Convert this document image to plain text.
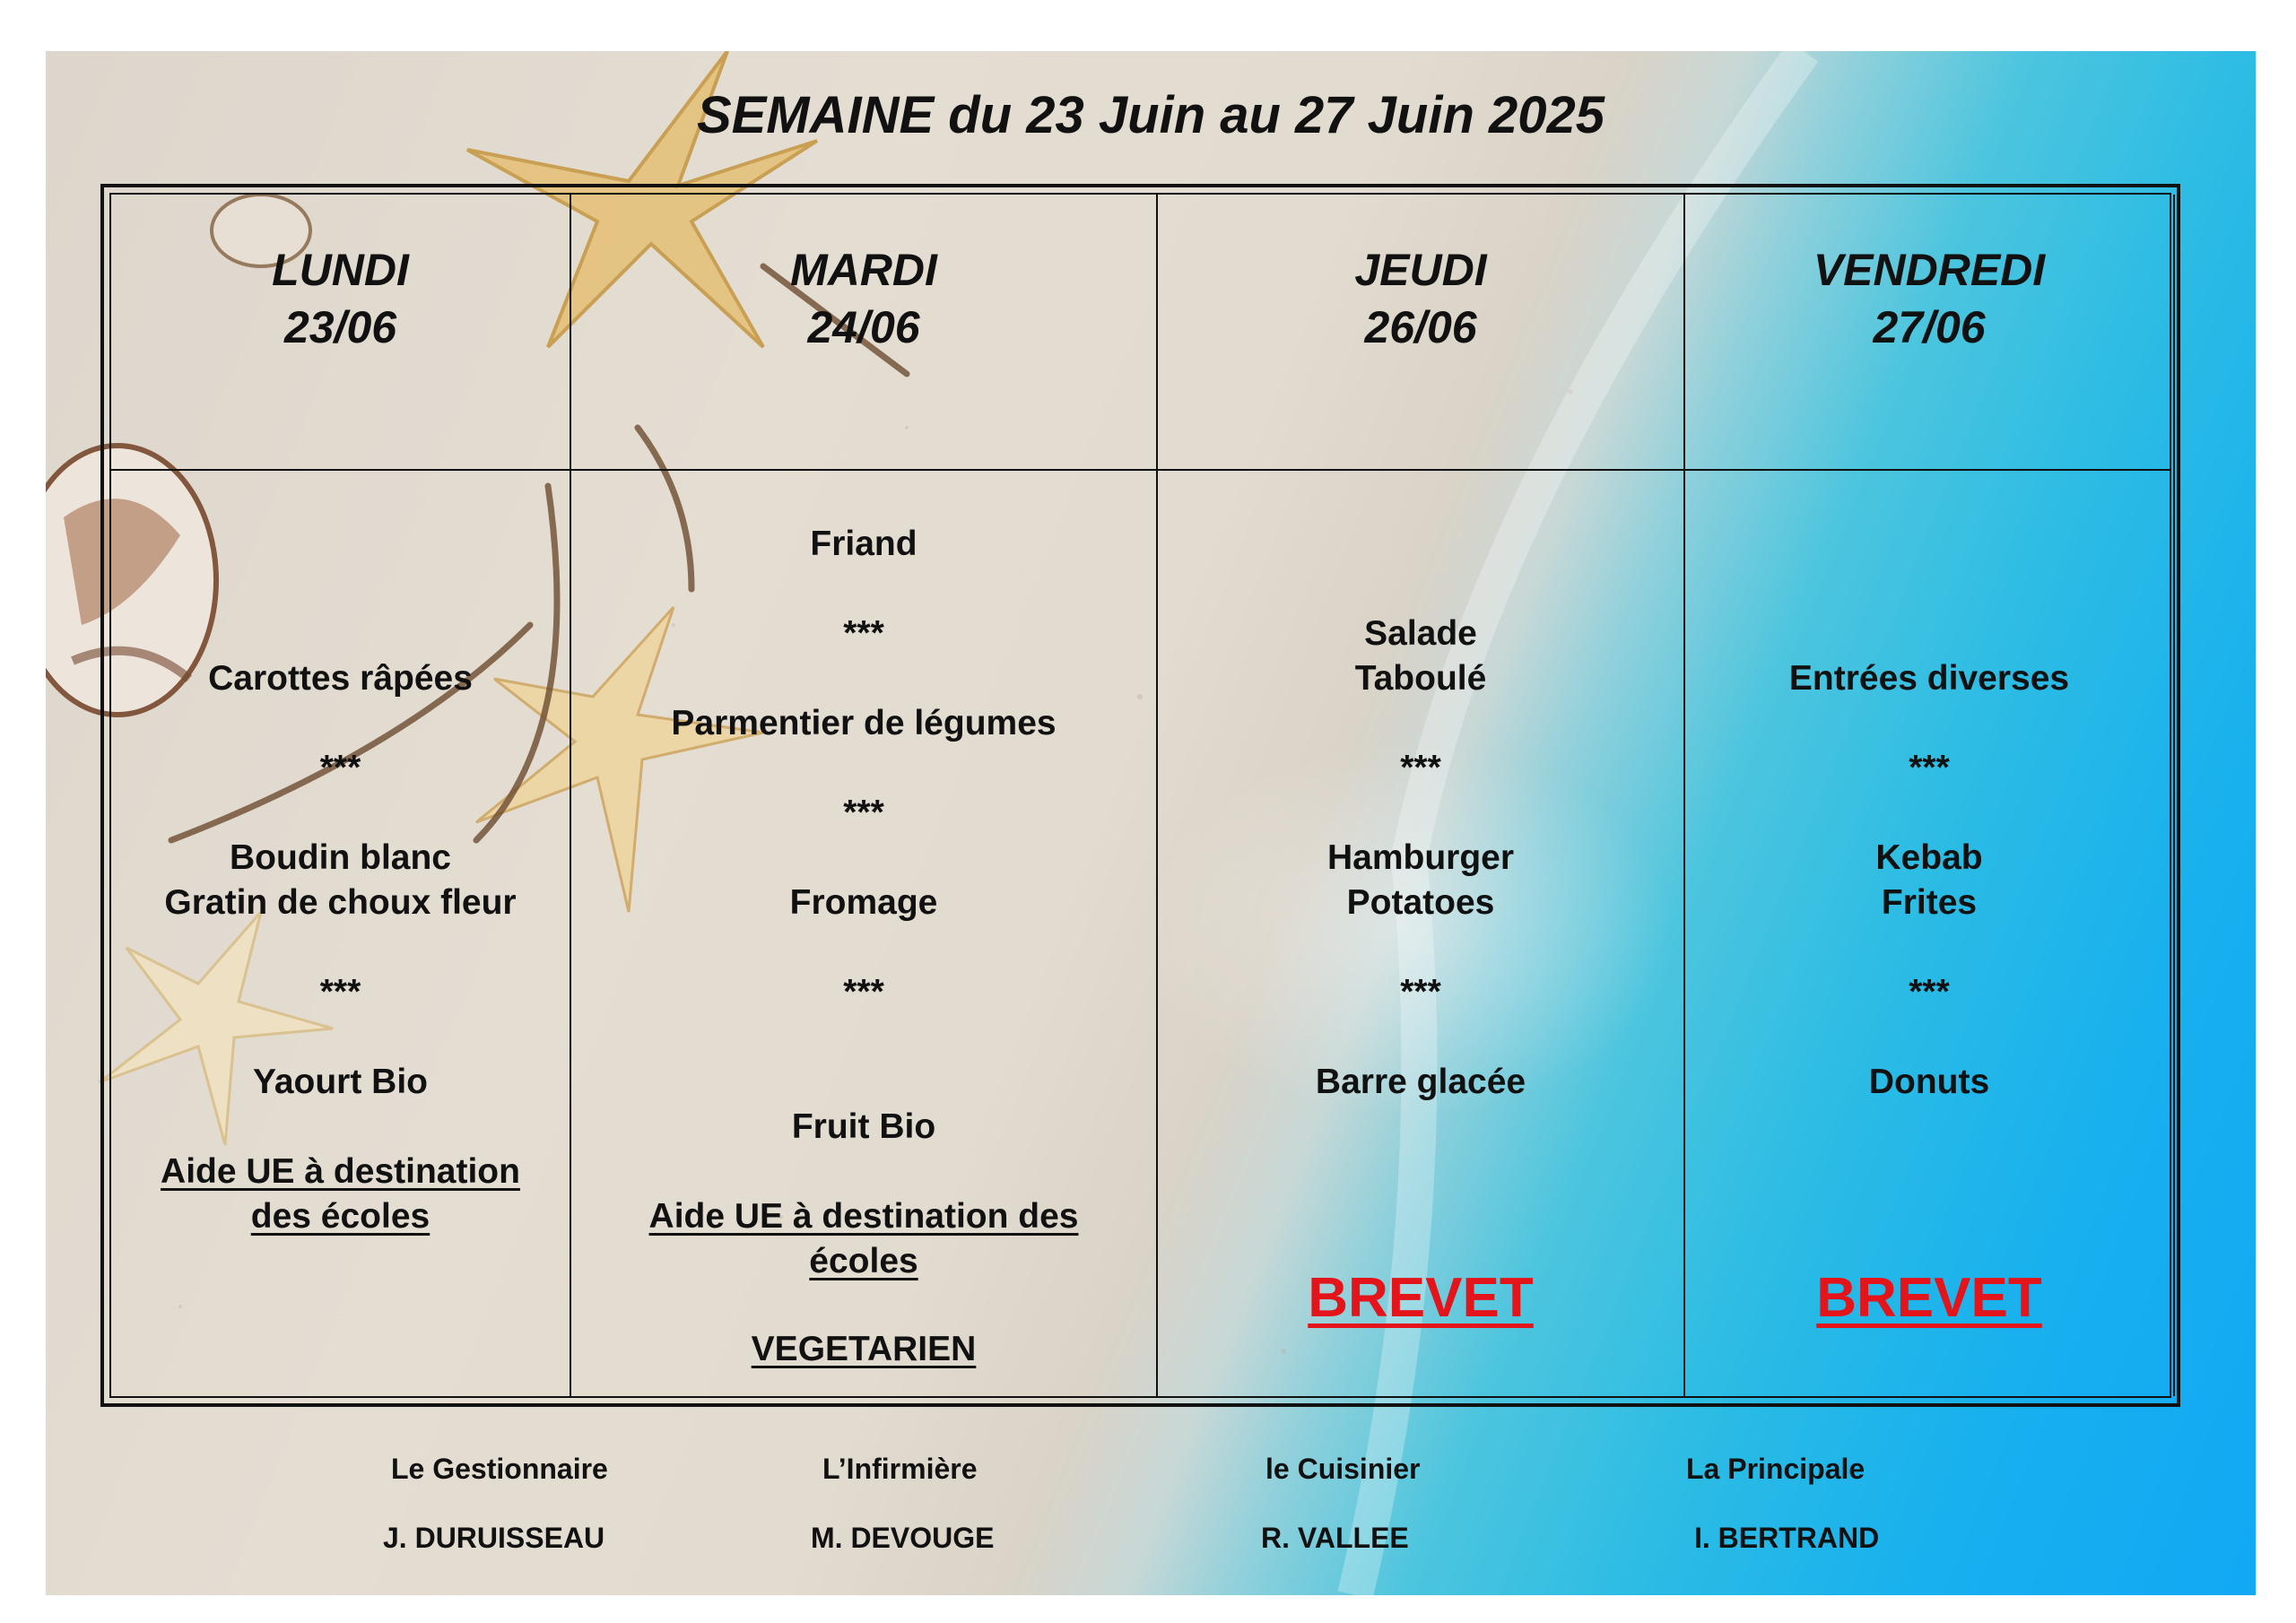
SEMAINE du 23 Juin au 27 Juin 2025
LUNDI
23/06
Carottes râpées
***
Boudin blanc
Gratin de choux fleur
***
Yaourt Bio
Aide UE à destination
des écoles
MARDI
24/06
Friand
***
Parmentier de légumes
***
Fromage
***
Fruit Bio
Aide UE à destination des
écoles
VEGETARIEN
JEUDI
26/06
Salade
Taboulé
***
Hamburger
Potatoes
***
Barre glacée
BREVET
VENDREDI
27/06
Entrées diverses
***
Kebab
Frites
***
Donuts
BREVET
Le Gestionnaire
J. DURUISSEAU
L’Infirmière
M. DEVOUGE
le Cuisinier
R. VALLEE
La Principale
I. BERTRAND
